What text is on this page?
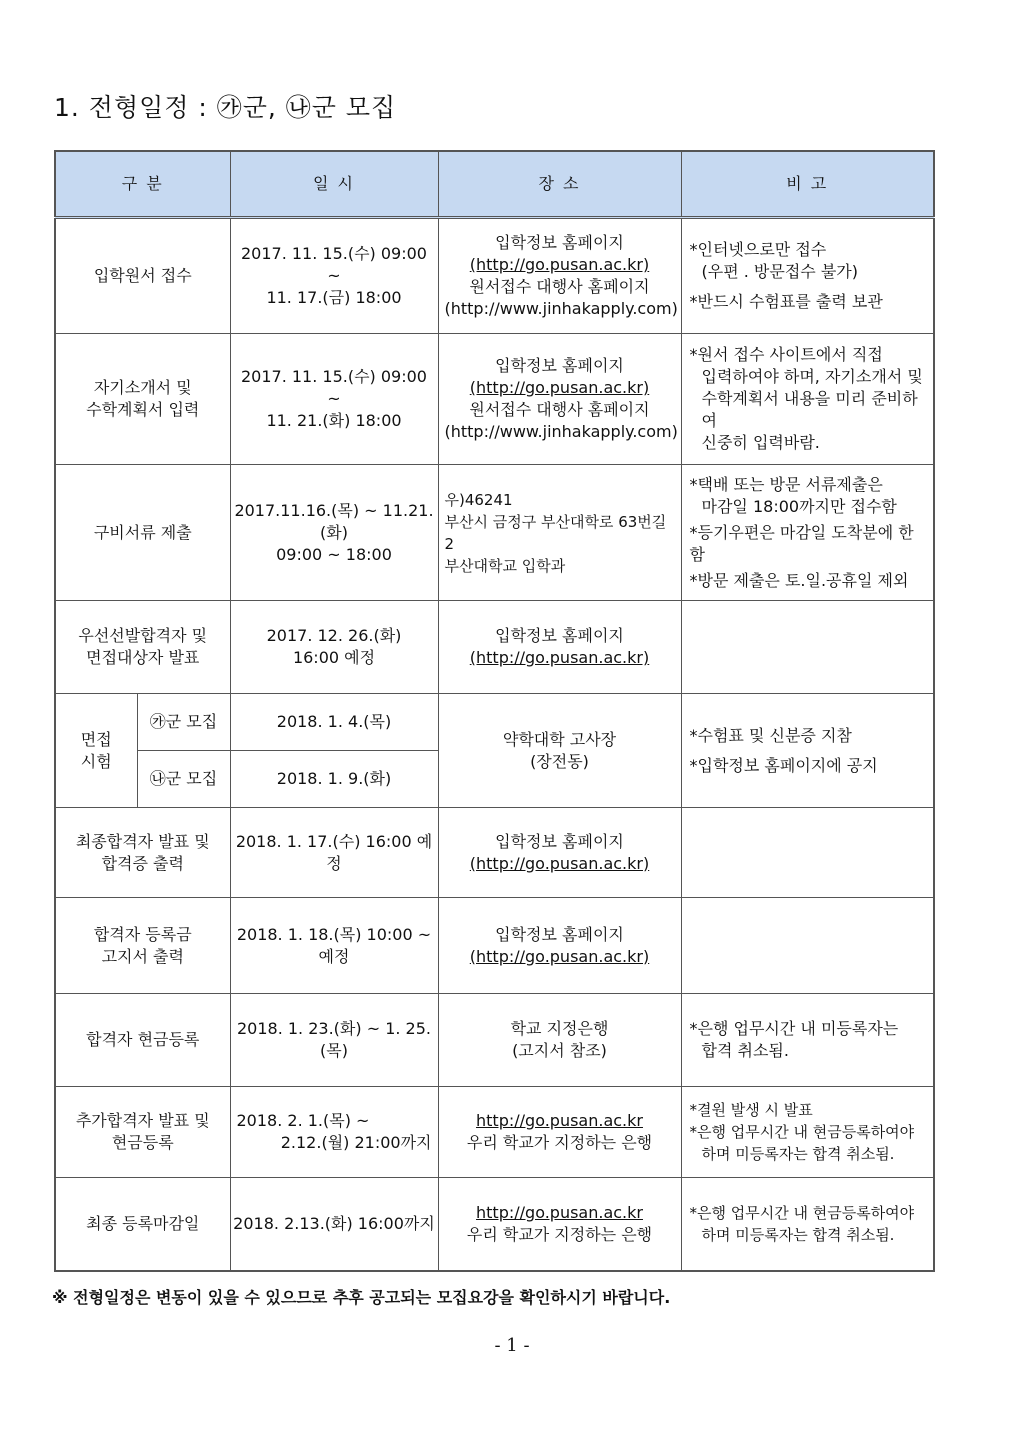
1. 전형일정 : ㉮군, ㉯군 모집
구 분		일 시	장 소	비 고

입학원서 접수		2017. 11. 15.(수) 09:00 ~
11. 17.(금) 18:00	입학정보 홈페이지
(http://go.pusan.ac.kr)
원서접수 대행사 홈페이지
(http://www.jinhakapply.com)	*인터넷으로만 접수
(우편 . 방문접수 불가)
*반드시 수험표를 출력 보관

자기소개서 및
수학계획서 입력		2017. 11. 15.(수) 09:00 ~
11. 21.(화) 18:00	입학정보 홈페이지
(http://go.pusan.ac.kr)
원서접수 대행사 홈페이지
(http://www.jinhakapply.com)	*원서 접수 사이트에서 직접
입력하여야 하며, 자기소개서 및
수학계획서 내용을 미리 준비하여
신중히 입력바람.

구비서류 제출		2017.11.16.(목) ~ 11.21.(화)
09:00 ~ 18:00	우)46241
부산시 금정구 부산대학로 63번길 2
부산대학교 입학과	*택배 또는 방문 서류제출은
마감일 18:00까지만 접수함
*등기우편은 마감일 도착분에 한함
*방문 제출은 토.일.공휴일 제외

우선선발합격자 및
면접대상자 발표		2017. 12. 26.(화)
16:00 예정	입학정보 홈페이지
(http://go.pusan.ac.kr)	

면접
시험	㉮군 모집	2018. 1. 4.(목)	약학대학 고사장
(장전동)	*수험표 및 신분증 지참
*입학정보 홈페이지에 공지

	㉯군 모집	2018. 1. 9.(화)		

최종합격자 발표 및
합격증 출력		2018. 1. 17.(수) 16:00 예정	입학정보 홈페이지
(http://go.pusan.ac.kr)	

합격자 등록금
고지서 출력		2018. 1. 18.(목) 10:00 ~ 예정	입학정보 홈페이지
(http://go.pusan.ac.kr)	

합격자 현금등록		2018. 1. 23.(화) ~ 1. 25.(목)	학교 지정은행
(고지서 참조)	*은행 업무시간 내 미등록자는
합격 취소됨.

추가합격자 발표 및
현금등록		2018. 2. 1.(목) ~
2.12.(월) 21:00까지	http://go.pusan.ac.kr
우리 학교가 지정하는 은행	*결원 발생 시 발표
*은행 업무시간 내 현금등록하여야
하며 미등록자는 합격 취소됨.

최종 등록마감일		2018. 2.13.(화) 16:00까지	http://go.pusan.ac.kr
우리 학교가 지정하는 은행	*은행 업무시간 내 현금등록하여야
하며 미등록자는 합격 취소됨.

※ 전형일정은 변동이 있을 수 있으므로 추후 공고되는 모집요강을 확인하시기 바랍니다.

- 1 -
